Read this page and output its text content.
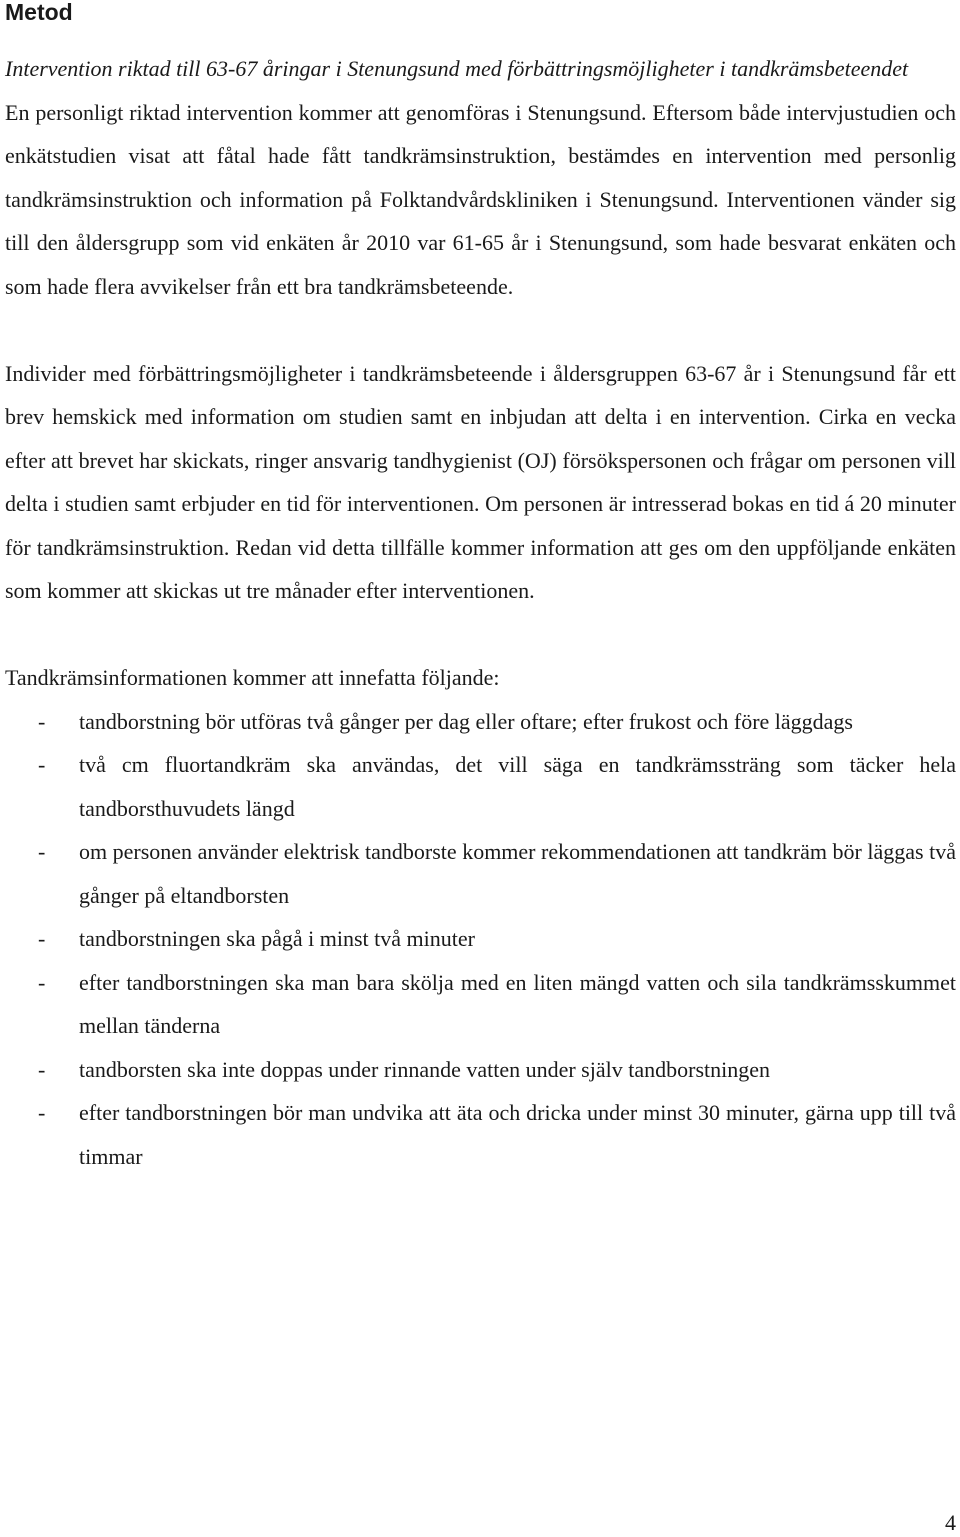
Metod
Intervention riktad till 63-67 åringar i Stenungsund med förbättringsmöjligheter i tandkrämsbeteendet

En personligt riktad intervention kommer att genomföras i Stenungsund. Eftersom både intervjustudien och enkätstudien visat att fåtal hade fått tandkrämsinstruktion, bestämdes en intervention med personlig tandkrämsinstruktion och information på Folktandvårdskliniken i Stenungsund. Interventionen vänder sig till den åldersgrupp som vid enkäten år 2010 var 61-65 år i Stenungsund, som hade besvarat enkäten och som hade flera avvikelser från ett bra tandkrämsbeteende.

Individer med förbättringsmöjligheter i tandkrämsbeteende i åldersgruppen 63-67 år i Stenungsund får ett brev hemskick med information om studien samt en inbjudan att delta i en intervention. Cirka en vecka efter att brevet har skickats, ringer ansvarig tandhygienist (OJ) försökspersonen och frågar om personen vill delta i studien samt erbjuder en tid för interventionen. Om personen är intresserad bokas en tid á 20 minuter för tandkrämsinstruktion. Redan vid detta tillfälle kommer information att ges om den uppföljande enkäten som kommer att skickas ut tre månader efter interventionen.

Tandkrämsinformationen kommer att innefatta följande:

- tandborstning bör utföras två gånger per dag eller oftare; efter frukost och före läggdags
- två cm fluortandkräm ska användas, det vill säga en tandkrämssträng som täcker hela tandborsthuvudets längd
- om personen använder elektrisk tandborste kommer rekommendationen att tandkräm bör läggas två gånger på eltandborsten
- tandborstningen ska pågå i minst två minuter
- efter tandborstningen ska man bara skölja med en liten mängd vatten och sila tandkrämsskummet mellan tänderna
- tandborsten ska inte doppas under rinnande vatten under själv tandborstningen
- efter tandborstningen bör man undvika att äta och dricka under minst 30 minuter, gärna upp till två timmar
4
